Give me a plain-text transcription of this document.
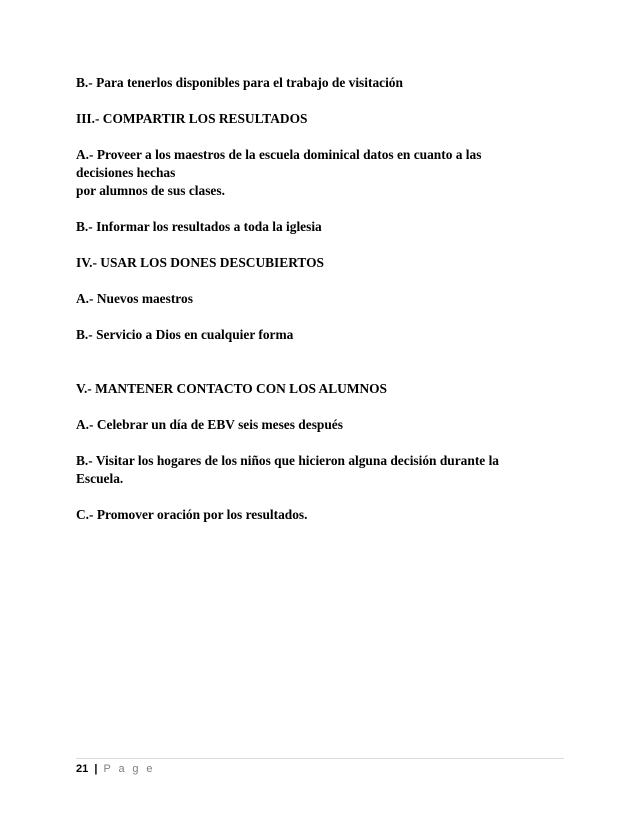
B.- Para tenerlos disponibles para el trabajo de visitación

III.- COMPARTIR LOS RESULTADOS

A.- Proveer a los maestros de la escuela dominical datos en cuanto a las
decisiones hechas
por alumnos de sus clases.

B.- Informar los resultados a toda la iglesia

IV.- USAR LOS DONES DESCUBIERTOS

A.- Nuevos maestros

B.- Servicio a Dios en cualquier forma

V.- MANTENER CONTACTO CON LOS ALUMNOS

A.- Celebrar un día de EBV seis meses después

B.- Visitar los hogares de los niños que hicieron alguna decisión durante la
Escuela.

C.- Promover oración por los resultados.

21 | P a g e
